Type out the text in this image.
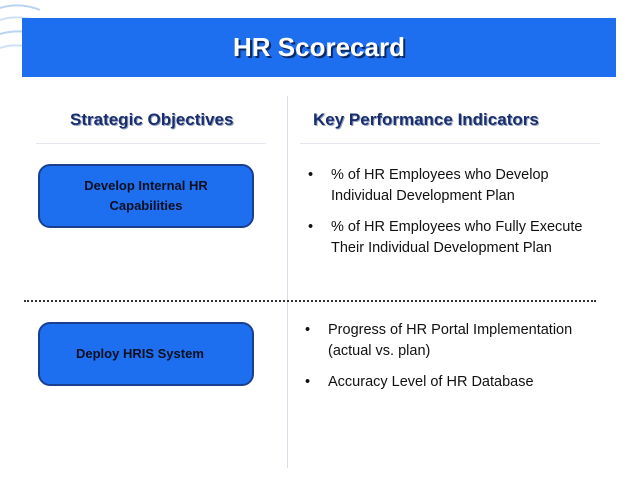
HR Scorecard
Strategic Objectives	Key Performance Indicators
Develop Internal HR
Capabilities
• % of HR Employees who Develop Individual Development Plan
• % of HR Employees who Fully Execute Their Individual Development Plan
Deploy HRIS System
• Progress of HR Portal Implementation (actual vs. plan)
• Accuracy Level of HR Database
